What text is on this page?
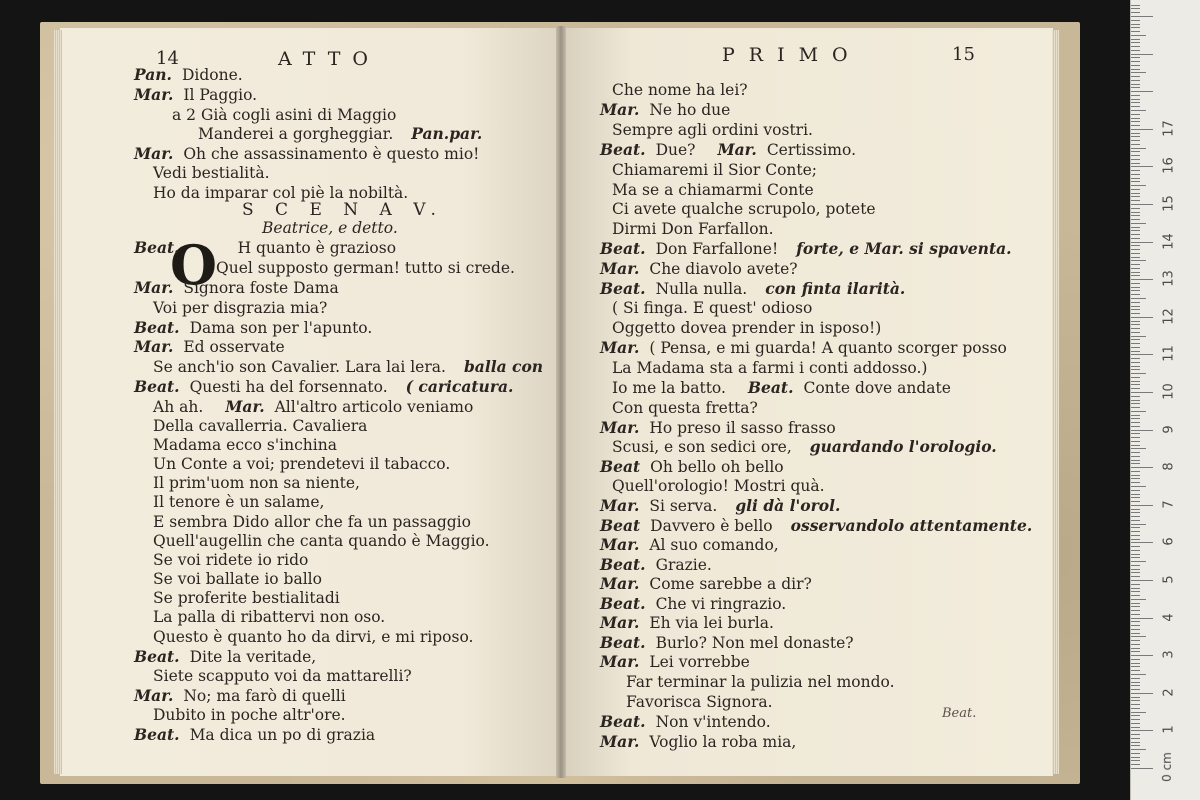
14	ATTO	PRIMO	15
O
Pan. Didone.
Mar. Il Paggio.
a 2 Già cogli asini di Maggio
Manderei a gorgheggiar. Pan.par.
Mar. Oh che assassinamento è questo mio!
Vedi bestialità.
Ho da imparar col piè la nobiltà.
S C E N A V.
Beatrice, e detto.
Beat.	H quanto è grazioso
Quel supposto german! tutto si crede.
Mar. Signora foste Dama
Voi per disgrazia mia?
Beat. Dama son per l'apunto.
Mar. Ed osservate
Se anch'io son Cavalier. Lara lai lera. balla con
Beat. Questi ha del forsennato. ( caricatura.
Ah ah. Mar. All'altro articolo veniamo
Della cavallerria. Cavaliera
Madama ecco s'inchina
Un Conte a voi; prendetevi il tabacco.
Il prim'uom non sa niente,
Il tenore è un salame,
E sembra Dido allor che fa un passaggio
Quell'augellin che canta quando è Maggio.
Se voi ridete io rido
Se voi ballate io ballo
Se proferite bestialitadi
La palla di ribattervi non oso.
Questo è quanto ho da dirvi, e mi riposo.
Beat. Dite la veritade,
Siete scapputo voi da mattarelli?
Mar. No; ma farò di quelli
Dubito in poche altr'ore.
Beat. Ma dica un po di grazia
Che nome ha lei?
Mar. Ne ho due
Sempre agli ordini vostri.
Beat. Due? Mar. Certissimo.
Chiamaremi il Sior Conte;
Ma se a chiamarmi Conte
Ci avete qualche scrupolo, potete
Dirmi Don Farfallon.
Beat. Don Farfallone! forte, e Mar. si spaventa.
Mar. Che diavolo avete?
Beat. Nulla nulla. con finta ilarità.
( Si finga. E quest' odioso
Oggetto dovea prender in isposo!)
Mar. ( Pensa, e mi guarda! A quanto scorger posso
La Madama sta a farmi i conti addosso.)
Io me la batto. Beat. Conte dove andate
Con questa fretta?
Mar. Ho preso il sasso frasso
Scusi, e son sedici ore, guardando l'orologio.
Beat Oh bello oh bello
Quell'orologio! Mostri quà.
Mar. Si serva. gli dà l'orol.
Beat Davvero è bello osservandolo attentamente.
Mar. Al suo comando,
Beat. Grazie.
Mar. Come sarebbe a dir?
Beat. Che vi ringrazio.
Mar. Eh via lei burla.
Beat. Burlo? Non mel donaste?
Mar. Lei vorrebbe
Far terminar la pulizia nel mondo.
Favorisca Signora.
Beat. Non v'intendo.
Mar. Voglio la roba mia,
Beat.
1
2
3
4
5
6
7
8
9
10
11
12
13
14
15
16
17
0 cm
